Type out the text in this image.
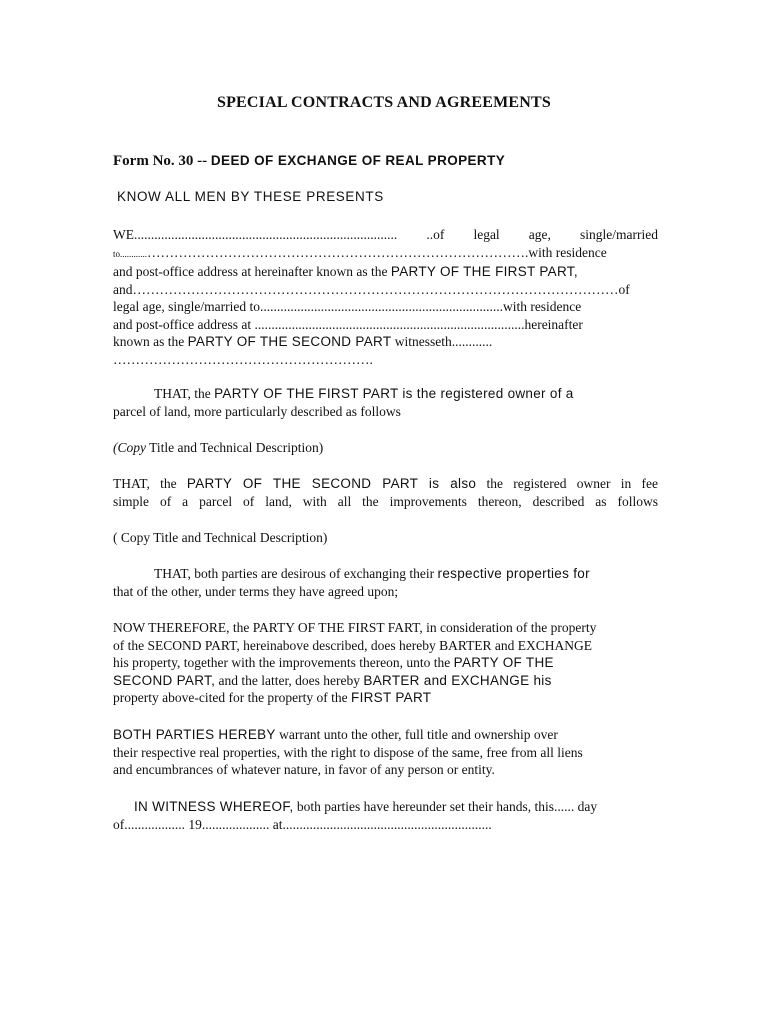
SPECIAL CONTRACTS AND AGREEMENTS

Form No. 30 -- DEED OF EXCHANGE OF REAL PROPERTY

KNOW ALL MEN BY THESE PRESENTS

WE.............................................................................. ..of legal age, single/married
to............………………………………………………………………………….with residence
and post-office address at hereinafter known as the PARTY OF THE FIRST PART,
and………………………………………………………………………………………………of
legal age, single/married to........................................................................with residence
and post-office address at ................................................................................hereinafter
known as the PARTY OF THE SECOND PART witnesseth............
………………………………………………….
THAT, the PARTY OF THE FIRST PART is the registered owner of a
parcel of land, more particularly described as follows
(Copy Title and Technical Description)
THAT, the PARTY OF THE SECOND PART is also the registered owner in fee
simple of a parcel of land, with all the improvements thereon, described as follows
( Copy Title and Technical Description)
THAT, both parties are desirous of exchanging their respective properties for
that of the other, under terms they have agreed upon;
NOW THEREFORE, the PARTY OF THE FIRST FART, in consideration of the property
of the SECOND PART, hereinabove described, does hereby BARTER and EXCHANGE
his property, together with the improvements thereon, unto the PARTY OF THE
SECOND PART, and the latter, does hereby BARTER and EXCHANGE his
property above-cited for the property of the FIRST PART
BOTH PARTIES HEREBY warrant unto the other, full title and ownership over
their respective real properties, with the right to dispose of the same, free from all liens
and encumbrances of whatever nature, in favor of any person or entity.
IN WITNESS WHEREOF, both parties have hereunder set their hands, this...... day
of.................. 19.................... at..............................................................
